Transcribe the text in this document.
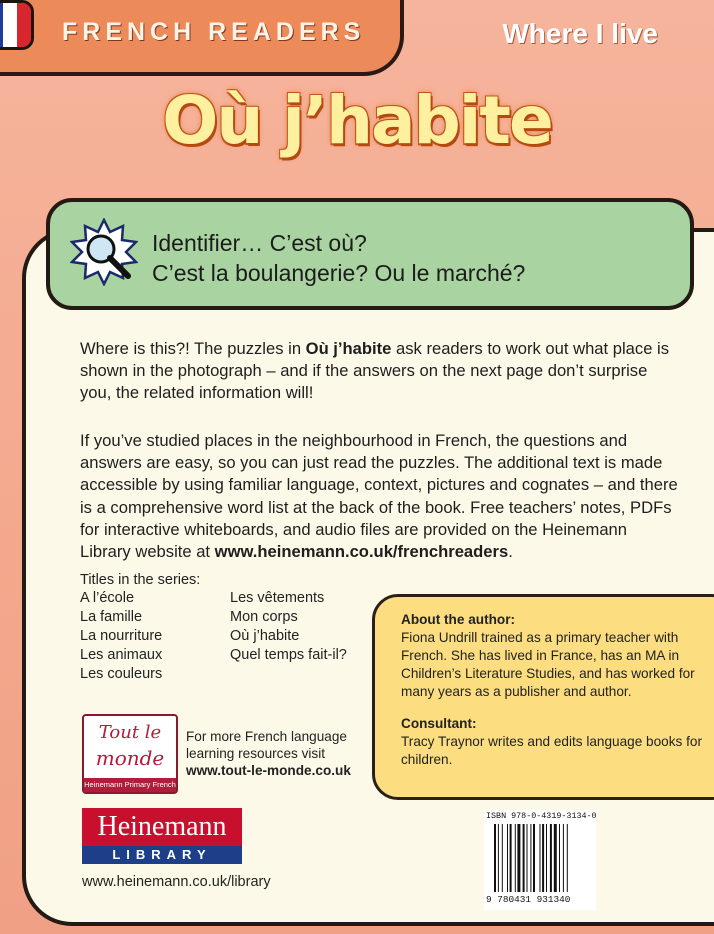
FRENCH READERS	Where I live
Où j’habite
Identifier… C’est où?
C’est la boulangerie? Ou le marché?
Where is this?! The puzzles in Où j’habite ask readers to work out what place is shown in the photograph – and if the answers on the next page don’t surprise you, the related information will!
If you’ve studied places in the neighbourhood in French, the questions and answers are easy, so you can just read the puzzles. The additional text is made accessible by using familiar language, context, pictures and cognates – and there is a comprehensive word list at the back of the book. Free teachers’ notes, PDFs for interactive whiteboards, and audio files are provided on the Heinemann Library website at www.heinemann.co.uk/frenchreaders.
Titles in the series:
A l’école
La famille
La nourriture
Les animaux
Les couleurs
Les vêtements
Mon corps
Où j’habite
Quel temps fait-il?
About the author:
Fiona Undrill trained as a primary teacher with French. She has lived in France, has an MA in Children’s Literature Studies, and has worked for many years as a publisher and author.
Consultant:
Tracy Traynor writes and edits language books for children.
Tout le
monde
Heinemann Primary French
For more French language learning resources visit
www.tout-le-monde.co.uk
Heinemann
LIBRARY
www.heinemann.co.uk/library
ISBN 978-0-4319-3134-0
9 780431 931340
